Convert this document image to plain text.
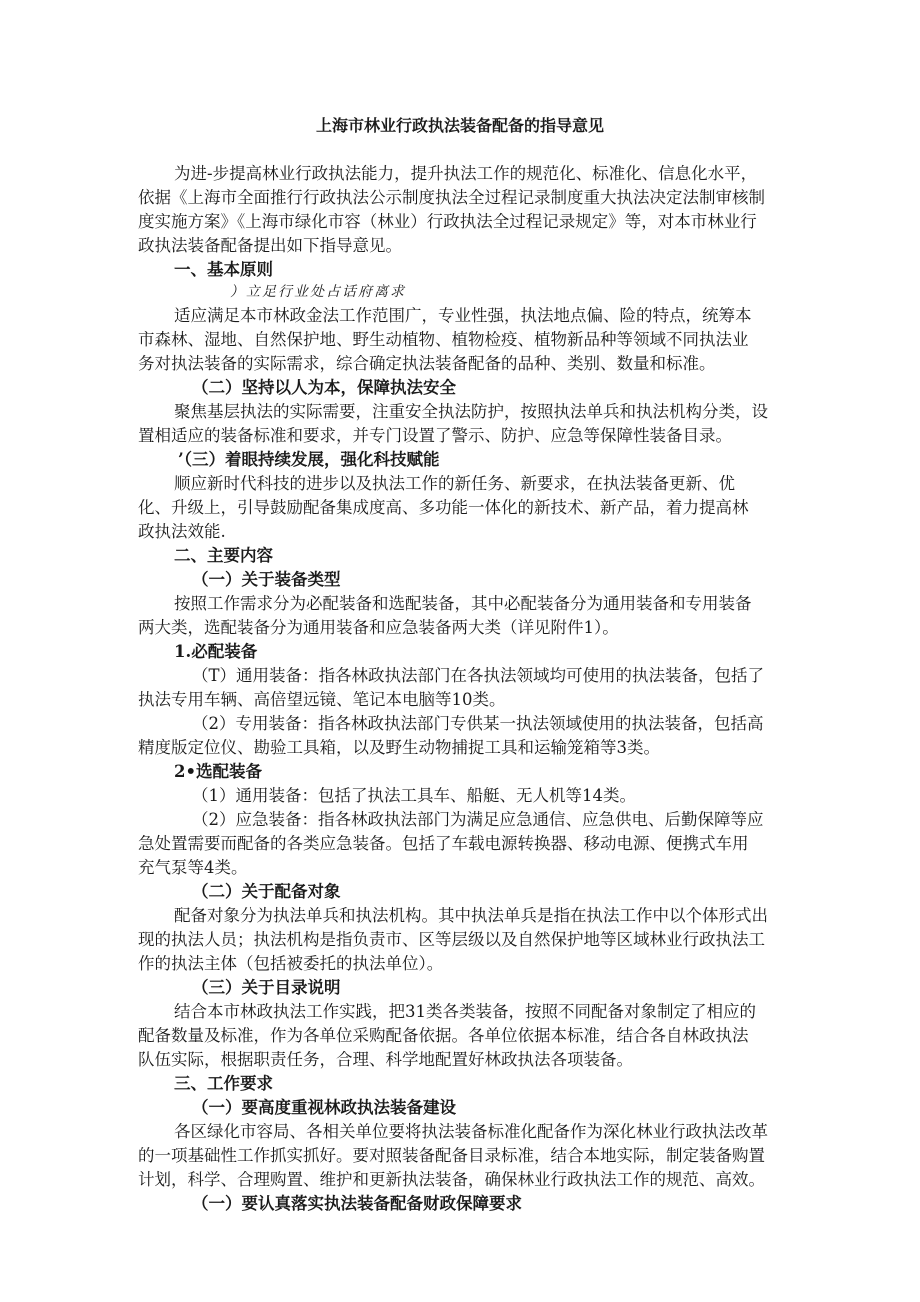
上海市林业行政执法装备配备的指导意见
为进-步提高林业行政执法能力，提升执法工作的规范化、标准化、信息化水平，
依据《上海市全面推行行政执法公示制度执法全过程记录制度重大执法决定法制审核制
度实施方案》《上海市绿化市容（林业）行政执法全过程记录规定》等，对本市林业行
政执法装备配备提出如下指导意见。
一、基本原则
）立足行业处占话府离求
适应满足本市林政金法工作范围广，专业性强，执法地点偏、险的特点，统筹本
市森林、湿地、自然保护地、野生动植物、植物检疫、植物新品种等领域不同执法业
务对执法装备的实际需求，综合确定执法装备配备的品种、类别、数量和标准。
（二）坚持以人为本，保障执法安全
聚焦基层执法的实际需要，注重安全执法防护，按照执法单兵和执法机构分类，设
置相适应的装备标准和要求，并专门设置了警示、防护、应急等保障性装备目录。
’（三）着眼持续发展，强化科技赋能
顺应新时代科技的进步以及执法工作的新任务、新要求，在执法装备更新、优
化、升级上，引导鼓励配备集成度高、多功能一体化的新技术、新产品，着力提高林
政执法效能.
二、主要内容
（一）关于装备类型
按照工作需求分为必配装备和选配装备，其中必配装备分为通用装备和专用装备
两大类，选配装备分为通用装备和应急装备两大类（详见附件1）。
1.必配装备
（T）通用装备：指各林政执法部门在各执法领域均可使用的执法装备，包括了
执法专用车辆、高倍望远镜、笔记本电脑等10类。
（2）专用装备：指各林政执法部门专供某一执法领域使用的执法装备，包括高
精度版定位仪、勘验工具箱，以及野生动物捕捉工具和运输笼箱等3类。
2•选配装备
（1）通用装备：包括了执法工具车、船艇、无人机等14类。
（2）应急装备：指各林政执法部门为满足应急通信、应急供电、后勤保障等应
急处置需要而配备的各类应急装备。包括了车载电源转换器、移动电源、便携式车用
充气泵等4类。
（二）关于配备对象
配备对象分为执法单兵和执法机构。其中执法单兵是指在执法工作中以个体形式出
现的执法人员；执法机构是指负责市、区等层级以及自然保护地等区域林业行政执法工
作的执法主体（包括被委托的执法单位）。
（三）关于目录说明
结合本市林政执法工作实践，把31类各类装备，按照不同配备对象制定了相应的
配备数量及标准，作为各单位采购配备依据。各单位依据本标准，结合各自林政执法
队伍实际，根据职责任务，合理、科学地配置好林政执法各项装备。
三、工作要求
（一）要高度重视林政执法装备建设
各区绿化市容局、各相关单位要将执法装备标准化配备作为深化林业行政执法改革
的一项基础性工作抓实抓好。要对照装备配备目录标准，结合本地实际，制定装备购置
计划，科学、合理购置、维护和更新执法装备，确保林业行政执法工作的规范、高效。
（一）要认真落实执法装备配备财政保障要求
